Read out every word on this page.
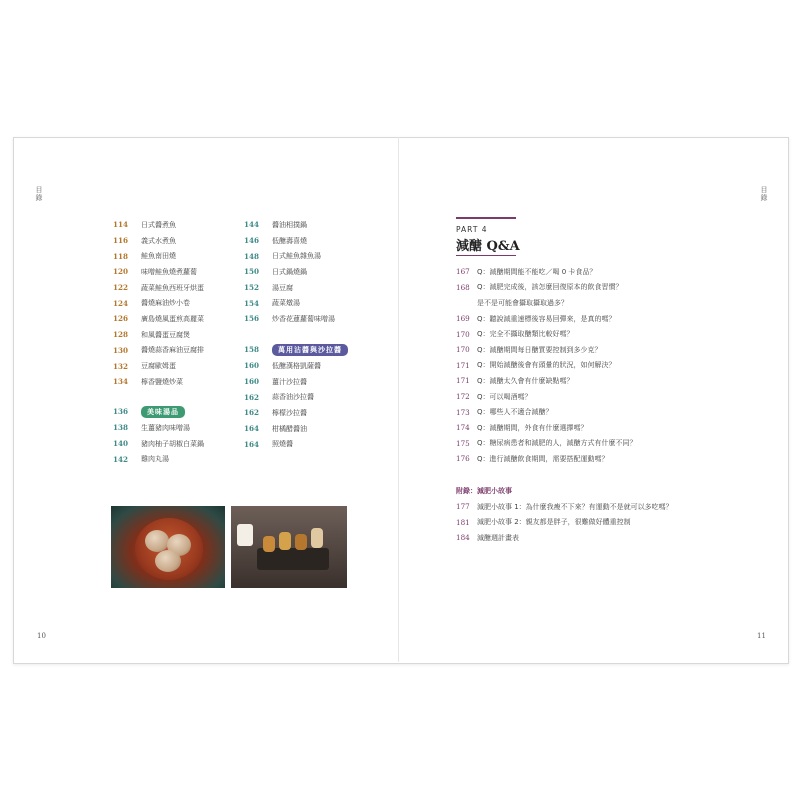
目錄
10
114	日式醬煮魚
116	義式水煮魚
118	鮭魚南田燒
120	味噌鮭魚燒煮蘿蔔
122	蔬菜鮭魚西班牙烘蛋
124	醬燒麻油炒小卷
126	廣島燒風蛋煎高麗菜
128	和風醬蛋豆腐煲
130	醬燒蒜香麻油豆腐排
132	豆腐歐姆蛋
134	檸香鹽燒炒菜
136	美味湯品
138	生薑豬肉味噌湯
140	豬肉柚子胡椒白菜鍋
142	雞肉丸湯
144	醬油相撲鍋
146	低醣壽喜燒
148	日式鮭魚雜魚湯
150	日式鍋燒鍋
152	湯豆腐
154	蔬菜燉湯
156	炒香花蓮蘿蔔味噌湯
158	萬用沾醬與沙拉醬
160	低醣漢格凱薩醬
160	薑汁沙拉醬
162	蒜香油沙拉醬
162	檸檬沙拉醬
164	柑橘醋醬油
164	照燒醬
目錄
11
PART 4
減醣 Q&A
167	Q：減醣期間能不能吃／喝 0 卡食品？
168	Q：減肥完成後，該怎麼回復原本的飲食習慣？
是不是可能會攝取攝取過多？
169	Q：聽說減重速標後容易回彈來，是真的嗎？
170	Q：完全不攝取醣類比較好嗎？
170	Q：減醣期間每日醣質要控制到多少克？
171	Q：開始減醣後會有頭暈的狀況，如何解決？
171	Q：減醣太久會有什麼缺點嗎？
172	Q：可以喝酒嗎？
173	Q：哪些人不適合減醣？
174	Q：減醣期間，外食有什麼選擇嗎？
175	Q：糖尿病患者和減肥的人，減醣方式有什麼不同？
176	Q：進行減醣飲食期間，需要搭配運動嗎？
附錄：減肥小故事
177	減肥小故事 1：為什麼我瘦不下來？有運動不是就可以多吃嗎？
181	減肥小故事 2：親友都是胖子，很難做好體重控制
184	減醣週計畫表
